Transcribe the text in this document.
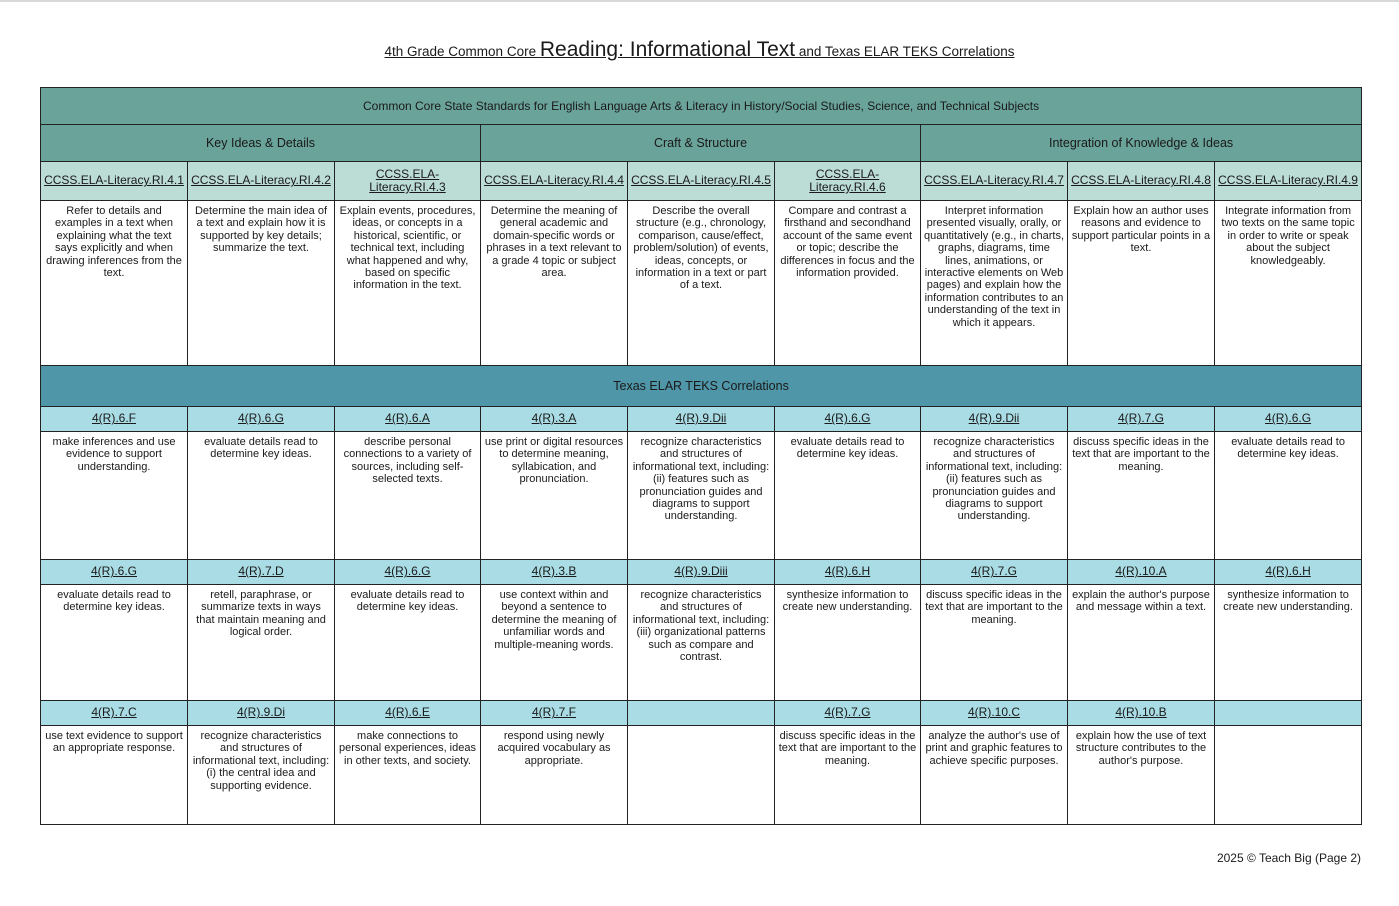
4th Grade Common Core Reading: Informational Text and Texas ELAR TEKS Correlations
Common Core State Standards for English Language Arts & Literacy in History/Social Studies, Science, and Technical Subjects								
Key Ideas & Details			Craft & Structure			Integration of Knowledge & Ideas		
CCSS.ELA-Literacy.RI.4.1	CCSS.ELA-Literacy.RI.4.2	CCSS.ELA-Literacy.RI.4.3	CCSS.ELA-Literacy.RI.4.4	CCSS.ELA-Literacy.RI.4.5	CCSS.ELA-Literacy.RI.4.6	CCSS.ELA-Literacy.RI.4.7	CCSS.ELA-Literacy.RI.4.8	CCSS.ELA-Literacy.RI.4.9
Refer to details and examples in a text when explaining what the text says explicitly and when drawing inferences from the text.	Determine the main idea of a text and explain how it is supported by key details; summarize the text.	Explain events, procedures, ideas, or concepts in a historical, scientific, or technical text, including what happened and why, based on specific information in the text.	Determine the meaning of general academic and domain-specific words or phrases in a text relevant to a grade 4 topic or subject area.	Describe the overall structure (e.g., chronology, comparison, cause/effect, problem/solution) of events, ideas, concepts, or information in a text or part of a text.	Compare and contrast a firsthand and secondhand account of the same event or topic; describe the differences in focus and the information provided.	Interpret information presented visually, orally, or quantitatively (e.g., in charts, graphs, diagrams, time lines, animations, or interactive elements on Web pages) and explain how the information contributes to an understanding of the text in which it appears.	Explain how an author uses reasons and evidence to support particular points in a text.	Integrate information from two texts on the same topic in order to write or speak about the subject knowledgeably.
Texas ELAR TEKS Correlations								
4(R).6.F	4(R).6.G	4(R).6.A	4(R).3.A	4(R).9.Dii	4(R).6.G	4(R).9.Dii	4(R).7.G	4(R).6.G
make inferences and use evidence to support understanding.	evaluate details read to determine key ideas.	describe personal connections to a variety of sources, including self-selected texts.	use print or digital resources to determine meaning, syllabication, and pronunciation.	recognize characteristics and structures of informational text, including: (ii) features such as pronunciation guides and diagrams to support understanding.	evaluate details read to determine key ideas.	recognize characteristics and structures of informational text, including: (ii) features such as pronunciation guides and diagrams to support understanding.	discuss specific ideas in the text that are important to the meaning.	evaluate details read to determine key ideas.
4(R).6.G	4(R).7.D	4(R).6.G	4(R).3.B	4(R).9.Diii	4(R).6.H	4(R).7.G	4(R).10.A	4(R).6.H
evaluate details read to determine key ideas.	retell, paraphrase, or summarize texts in ways that maintain meaning and logical order.	evaluate details read to determine key ideas.	use context within and beyond a sentence to determine the meaning of unfamiliar words and multiple-meaning words.	recognize characteristics and structures of informational text, including: (iii) organizational patterns such as compare and contrast.	synthesize information to create new understanding.	discuss specific ideas in the text that are important to the meaning.	explain the author's purpose and message within a text.	synthesize information to create new understanding.
4(R).7.C	4(R).9.Di	4(R).6.E	4(R).7.F		4(R).7.G	4(R).10.C	4(R).10.B	
use text evidence to support an appropriate response.	recognize characteristics and structures of informational text, including: (i) the central idea and supporting evidence.	make connections to personal experiences, ideas in other texts, and society.	respond using newly acquired vocabulary as appropriate.		discuss specific ideas in the text that are important to the meaning.	analyze the author's use of print and graphic features to achieve specific purposes.	explain how the use of text structure contributes to the author's purpose.	
2025 © Teach Big (Page 2)
